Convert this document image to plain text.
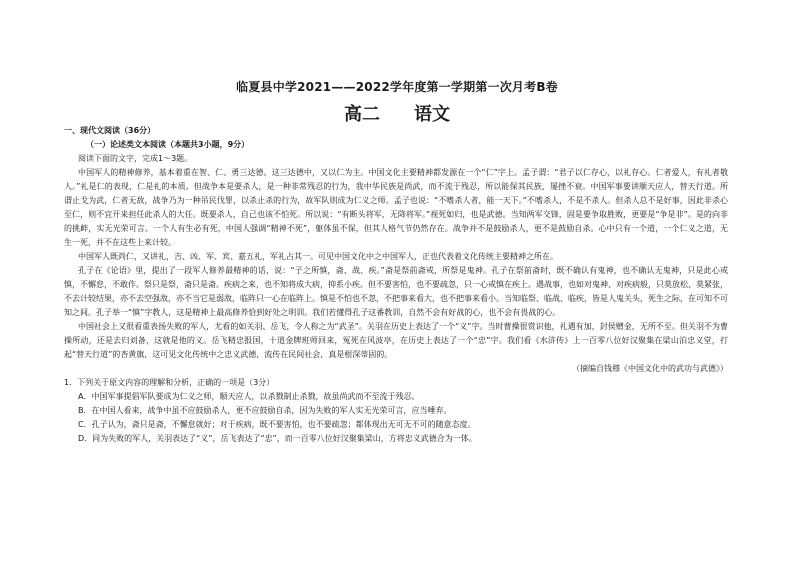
临夏县中学2021——2022学年度第一学期第一次月考B卷
高二 语文

一、现代文阅读（36分）

（一）论述类文本阅读（本题共3小题，9分）

阅读下面的文字，完成1～3题。

中国军人的精神修养，基本着重在智、仁、勇三达德。这三达德中，又以仁为主。中国文化主要精神都发源在一个“仁”字上。孟子谓：“君子以仁存心，以礼存心。仁者爱人，有礼者敬人。”礼是仁的表现，仁是礼的本质。但战争本是要杀人，是一种非常残忍的行为，我中华民族是尚武，而不流于残忍，所以能保其民族，屡挫不衰。中国军事要讲顺天应人，替天行道。所谓止戈为武，仁者无敌，战争乃为一种吊民伐罪，以杀止杀的行为，故军队则成为仁义之师。孟子也说：“不嗜杀人者，能一天下。”不嗜杀人，不是不杀人。但杀人总不是好事，因此非杀心至仁，则不宜开来担任此杀人的大任。既要杀人，自己也该不怕死。所以说：“有断头将军，无降将军。”视死如归，也是武德。当知两军交锋，固是要争取胜败，更要是“争是非”。是的向非的挑衅，实无光荣可言。一个人有生必有死，中国人强调“精神不死”，躯体虽不保，但其人格气节仍然存在。战争并不是鼓励杀人，更不是鼓励自杀。心中只有一个道，一个仁义之道，无生一死，并不在这些上来计较。

中国军人既尚仁，又讲礼，吉、凶、军、宾、嘉五礼，军礼占其一。可见中国文化中之中国军人，正也代表着文化传统主要精神之所在。

孔子在《论语》里，提出了一段军人修养最精神的话，说：“子之所慎，斋、战、疾。”斋是祭前斋戒，所祭是鬼神。孔子在祭前斋时，既不确认有鬼神，也不确认无鬼神，只是此心戒慎，不懈怠，不敢作。祭只是祭，斋只是斋。疾病之来，也不知将成大病，抑系小疾。但不要害怕，也不要疏忽，只一心戒慎在疾上。遇战事，也如对鬼神、对疾病般，只莫放松、莫紧张，不去计较结果，亦不去空强敌，亦不当它是弱敌，临阵只一心在临阵上。慎是不怕也不忽，不把事来看大，也不把事来看小。当知临祭、临战、临疾，皆是人鬼关头，死生之际，在可知不可知之间。孔子举一“慎”字教人，这是精神上最高修养恰到好处之明训。我们若懂得孔子这番教训，自然不会有好战的心，也不会有畏战的心。

中国社会上又很看重表扬失败的军人，尤看的如关羽、岳飞，令人称之为“武圣”。关羽在历史上表达了一个“义”字。当时曹操很赏识他，礼遇有加，封侯赠金，无所不至。但关羽不为曹操所动，还是去归刘备，这就是他的义。岳飞精忠报国，十道金牌班师回来，冤死在风波亭，在历史上表达了一个“忠”字。我们看《水浒传》上一百零八位好汉聚集在梁山泊忠义堂，打起“替天行道”的杏黄旗，这可见文化传统中之忠义武德，流传在民间社会，真是根深蒂固的。

（摘编自钱穆《中国文化中的武功与武德》）

1．下列关于原文内容的理解和分析，正确的一项是（3分）

A．中国军事提倡军队要成为仁义之师，顺天应人，以杀戮制止杀戮，故虽尚武而不至流于残忍。

B．在中国人看来，战争中虽不应鼓励杀人，更不应鼓励自杀，因为失败的军人实无光荣可言，应当唾弃。

C．孔子认为，斋只是斋，不懈怠就好；对于疾病，既不要害怕，也不要疏忽；都体现出无可无不可的随意态度。

D．同为失败的军人，关羽表达了“义”，岳飞表达了“忠”，而一百零八位好汉聚集梁山，方将忠义武德合为一体。
